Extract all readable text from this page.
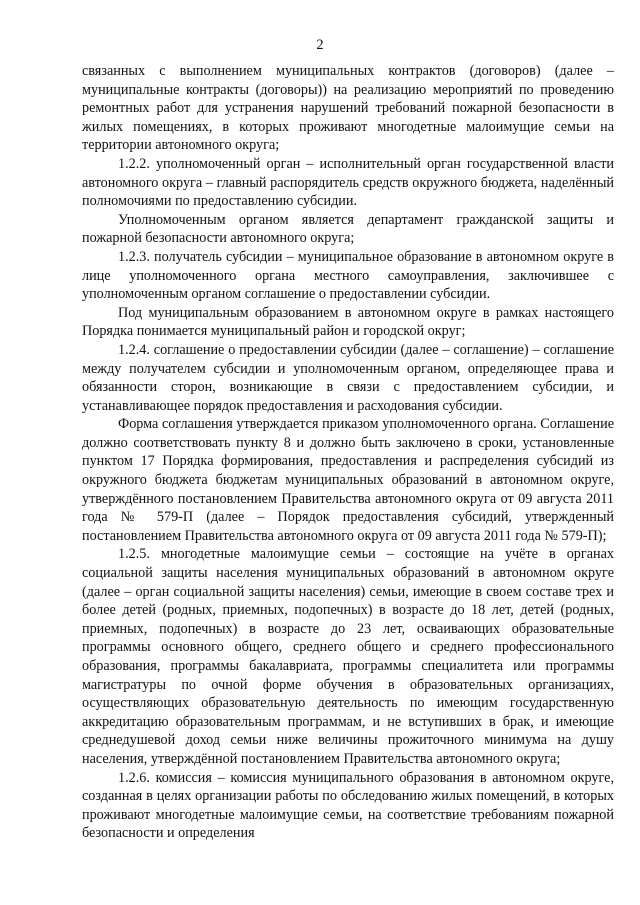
2

связанных с выполнением муниципальных контрактов (договоров) (далее – муниципальные контракты (договоры)) на реализацию мероприятий по проведению ремонтных работ для устранения нарушений требований пожарной безопасности в жилых помещениях, в которых проживают многодетные малоимущие семьи на территории автономного округа;

1.2.2. уполномоченный орган – исполнительный орган государственной власти автономного округа – главный распорядитель средств окружного бюджета, наделённый полномочиями по предоставлению субсидии.

Уполномоченным органом является департамент гражданской защиты и пожарной безопасности автономного округа;

1.2.3. получатель субсидии – муниципальное образование в автономном округе в лице уполномоченного органа местного самоуправления, заключившее с уполномоченным органом соглашение о предоставлении субсидии.

Под муниципальным образованием в автономном округе в рамках настоящего Порядка понимается муниципальный район и городской округ;

1.2.4. соглашение о предоставлении субсидии (далее – соглашение) – соглашение между получателем субсидии и уполномоченным органом, определяющее права и обязанности сторон, возникающие в связи с предоставлением субсидии, и устанавливающее порядок предоставления и расходования субсидии.

Форма соглашения утверждается приказом уполномоченного органа. Соглашение должно соответствовать пункту 8 и должно быть заключено в сроки, установленные пунктом 17 Порядка формирования, предоставления и распределения субсидий из окружного бюджета бюджетам муниципальных образований в автономном округе, утверждённого постановлением Правительства автономного округа от 09 августа 2011 года № 579-П (далее – Порядок предоставления субсидий, утвержденный постановлением Правительства автономного округа от 09 августа 2011 года № 579-П);

1.2.5. многодетные малоимущие семьи – состоящие на учёте в органах социальной защиты населения муниципальных образований в автономном округе (далее – орган социальной защиты населения) семьи, имеющие в своем составе трех и более детей (родных, приемных, подопечных) в возрасте до 18 лет, детей (родных, приемных, подопечных) в возрасте до 23 лет, осваивающих образовательные программы основного общего, среднего общего и среднего профессионального образования, программы бакалавриата, программы специалитета или программы магистратуры по очной форме обучения в образовательных организациях, осуществляющих образовательную деятельность по имеющим государственную аккредитацию образовательным программам, и не вступивших в брак, и имеющие среднедушевой доход семьи ниже величины прожиточного минимума на душу населения, утверждённой постановлением Правительства автономного округа;

1.2.6. комиссия – комиссия муниципального образования в автономном округе, созданная в целях организации работы по обследованию жилых помещений, в которых проживают многодетные малоимущие семьи, на соответствие требованиям пожарной безопасности и определения
